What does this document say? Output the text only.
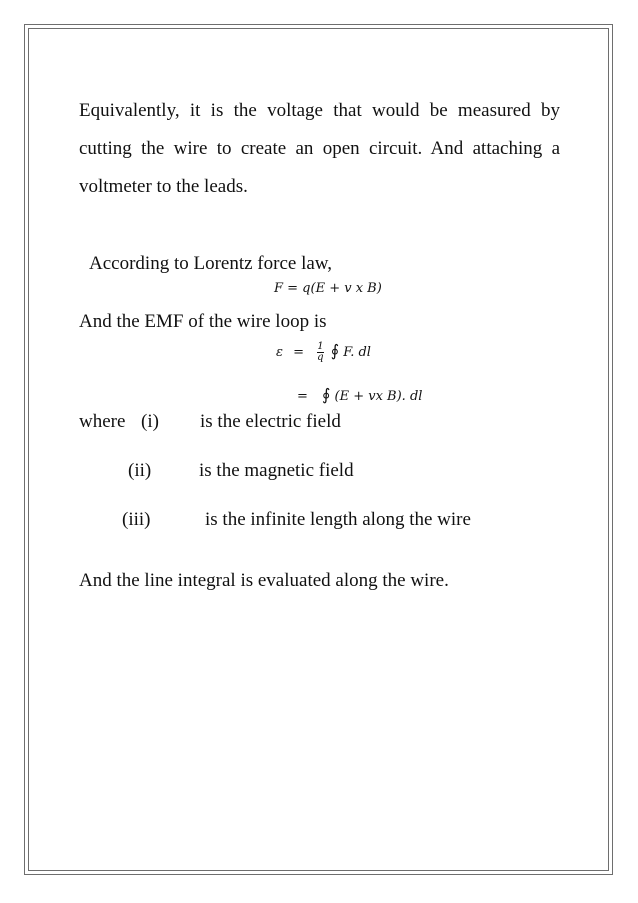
Equivalently, it is the voltage that would be measured by cutting the wire to create an open circuit. And attaching a voltmeter to the leads.
According to Lorentz force law,
F = q(E + v x B)
And the EMF of the wire loop is
$\varepsilon = \frac{1}{q}$ ∮ F. dl
= ∮ (E + vx B). dl
where (i) is the electric field
(ii)	is the magnetic field
(iii)	is the infinite length along the wire
And the line integral is evaluated along the wire.
